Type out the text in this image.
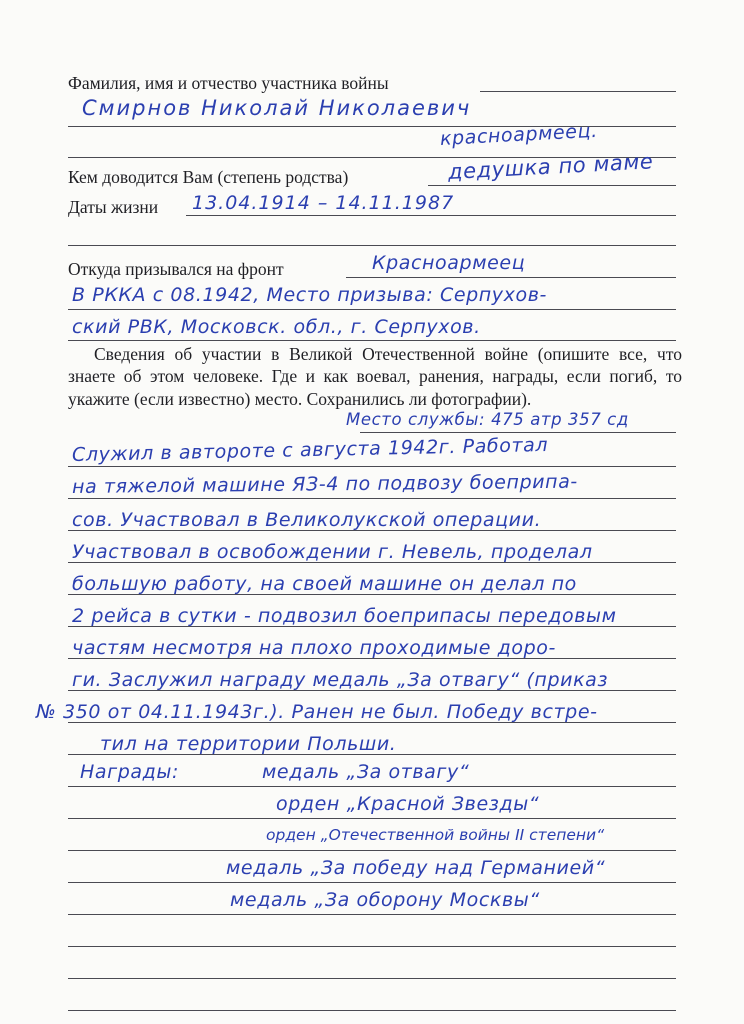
Фамилия, имя и отчество участника войны
Кем доводится Вам (степень родства)
Даты жизни
Откуда призывался на фронт
Сведения об участии в Великой Отечественной войне (опишите все, что знаете об этом человеке. Где и как воевал, ранения, награды, если погиб, то укажите (если известно) место. Сохранились ли фотографии).
Смирнов Николай Николаевич
красноармеец.
дедушка по маме
13.04.1914 – 14.11.1987
Красноармеец
В РККА с 08.1942, Место призыва: Серпухов-
ский РВК, Московск. обл., г. Серпухов.
Место службы: 475 атр 357 сд
Служил в автороте с августа 1942г. Работал
на тяжелой машине ЯЗ-4 по подвозу боеприпа-
сов. Участвовал в Великолукской операции.
Участвовал в освобождении г. Невель, проделал
большую работу, на своей машине он делал по
2 рейса в сутки - подвозил боеприпасы передовым
частям несмотря на плохо проходимые доро-
ги. Заслужил награду медаль „За отвагу“ (приказ
№ 350 от 04.11.1943г.). Ранен не был. Победу встре-
тил на территории Польши.
Награды:	медаль „За отвагу“
орден „Красной Звезды“
орден „Отечественной войны II степени“
медаль „За победу над Германией“
медаль „За оборону Москвы“
